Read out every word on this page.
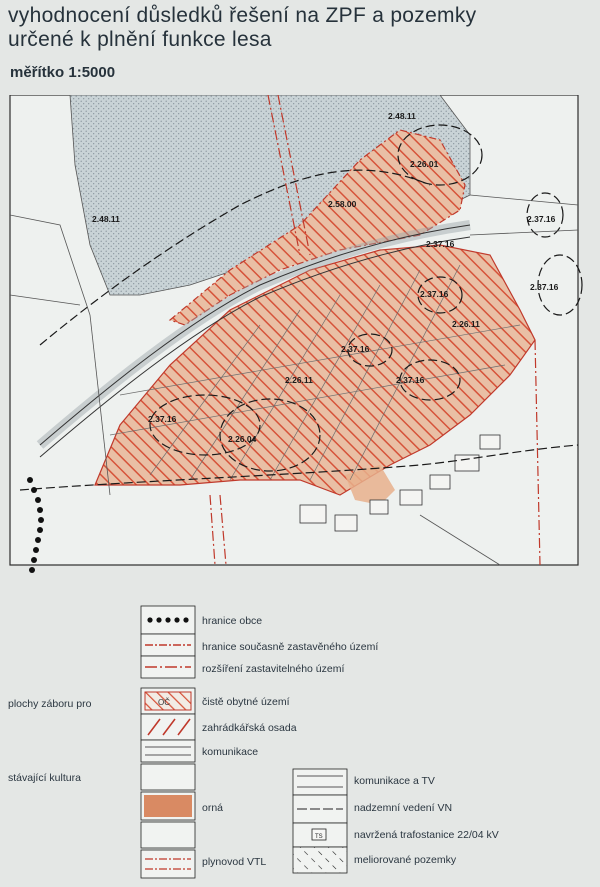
vyhodnocení důsledků řešení na ZPF a pozemky
určené k plnění funkce lesa
měřítko 1:5000
2.48.11
2.26.01
2.58.00
2.48.11	2.37.16
2.37.16
2.37.16
2.37.16
2.26.11
2.37.16
2.26.11	2.37.16
2.37.16
2.26.04
hranice obce
hranice současně zastavěného území
rozšíření zastavitelného území
plochy záboru pro	OČ	čistě obytné území
zahrádkářská osada
komunikace
stávající kultura
orná
plynovod VTL
komunikace a TV
nadzemní vedení VN
TS	navržená trafostanice 22/04 kV
meliorované pozemky
